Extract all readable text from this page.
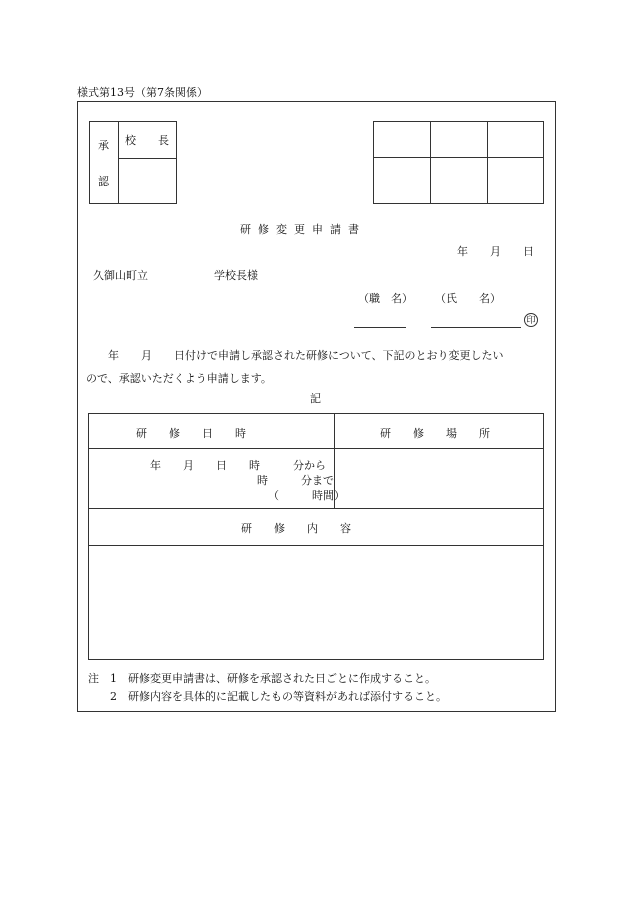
様式第13号（第7条関係）
承
認
校　　長
研修変更申請書
年　　月　　日
久御山町立　　　　　　学校長様
（職　名） （氏　　名）
印
　　年　　月　　日付けで申請し承認された研修について、下記のとおり変更したい
ので、承認いただくよう申請します。
記
研　　修　　日　　時	研　　修　　場　　所
年　　月　　日　　時　　　分から
時　　　分まで
（　　　時間）
研　　修　　内　　容
注　1　研修変更申請書は、研修を承認された日ごとに作成すること。
　　2　研修内容を具体的に記載したもの等資料があれば添付すること。
